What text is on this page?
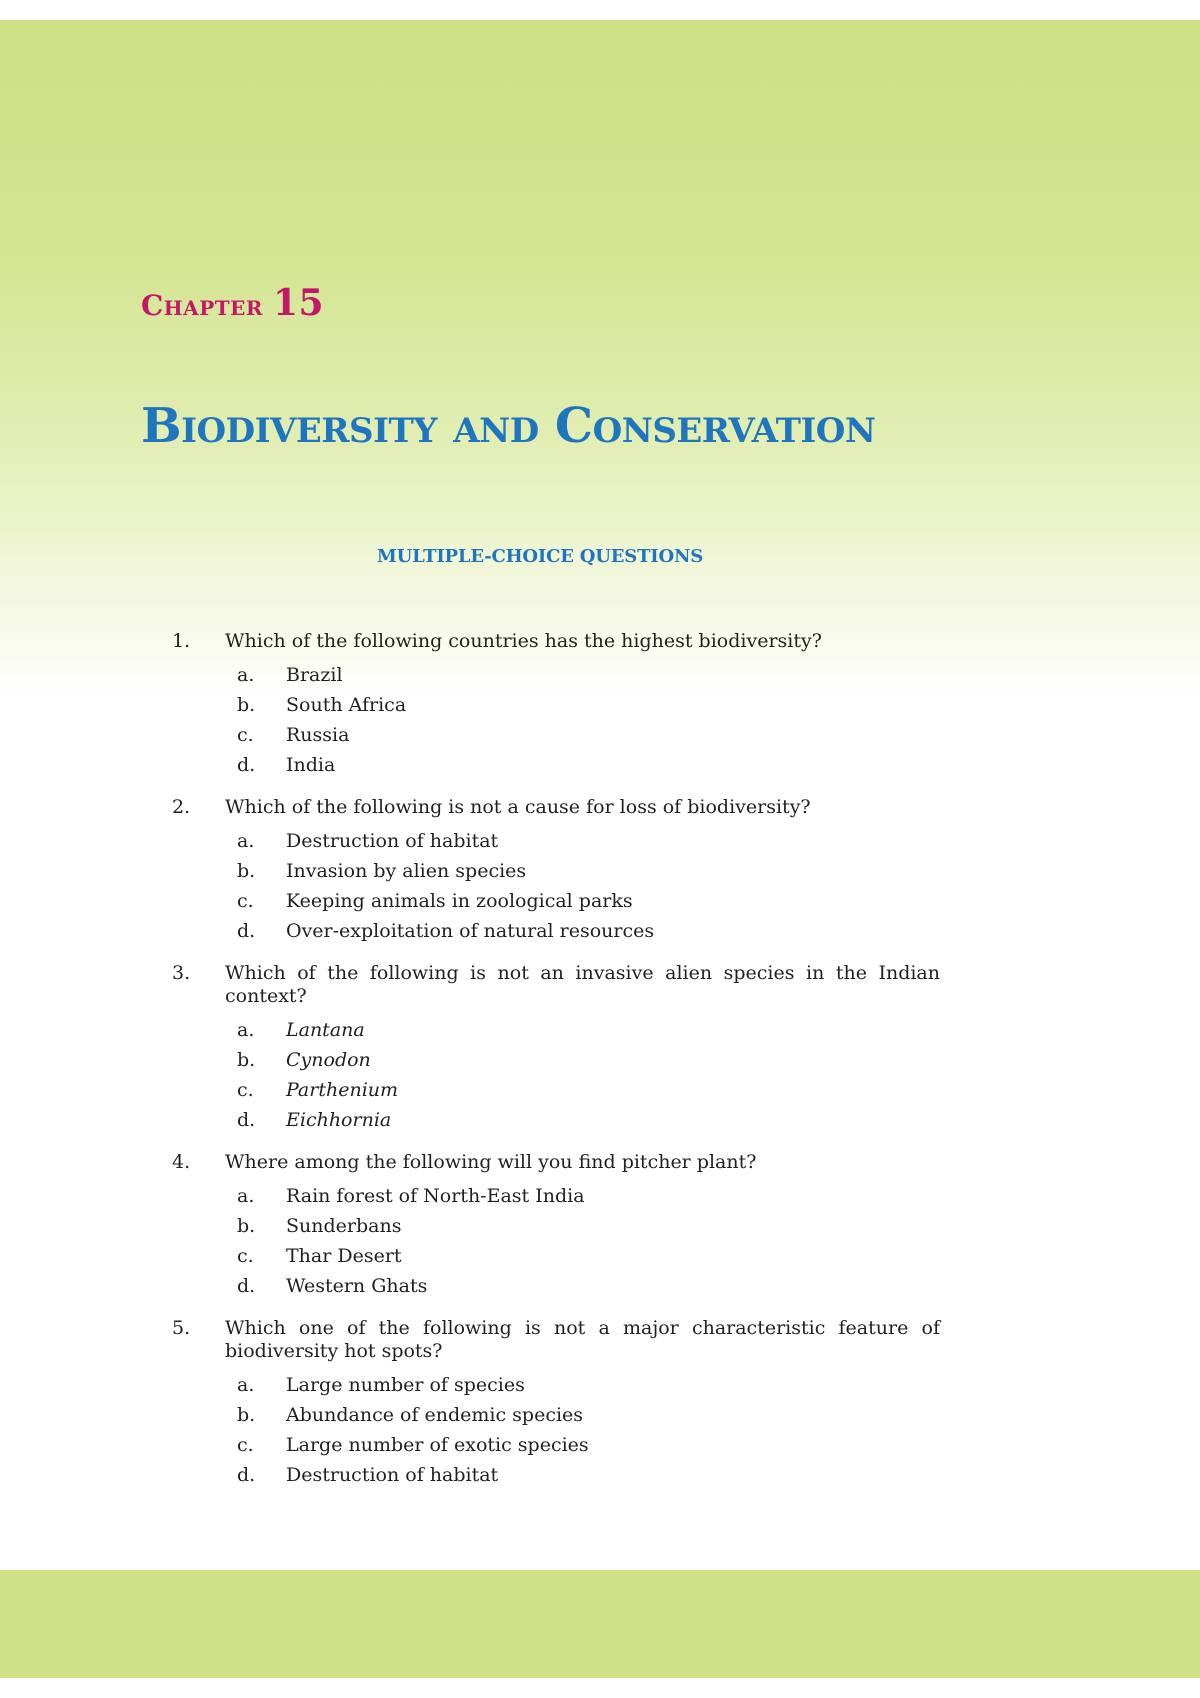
Chapter 15
Biodiversity and Conservation
MULTIPLE-CHOICE QUESTIONS
1.	Which of the following countries has the highest biodiversity?
a.	Brazil
b.	South Africa
c.	Russia
d.	India
2.	Which of the following is not a cause for loss of biodiversity?
a.	Destruction of habitat
b.	Invasion by alien species
c.	Keeping animals in zoological parks
d.	Over-exploitation of natural resources
3.	Which of the following is not an invasive alien species in the Indian context?
a.	Lantana
b.	Cynodon
c.	Parthenium
d.	Eichhornia
4.	Where among the following will you find pitcher plant?
a.	Rain forest of North-East India
b.	Sunderbans
c.	Thar Desert
d.	Western Ghats
5.	Which one of the following is not a major characteristic feature of biodiversity hot spots?
a.	Large number of species
b.	Abundance of endemic species
c.	Large number of exotic species
d.	Destruction of habitat
